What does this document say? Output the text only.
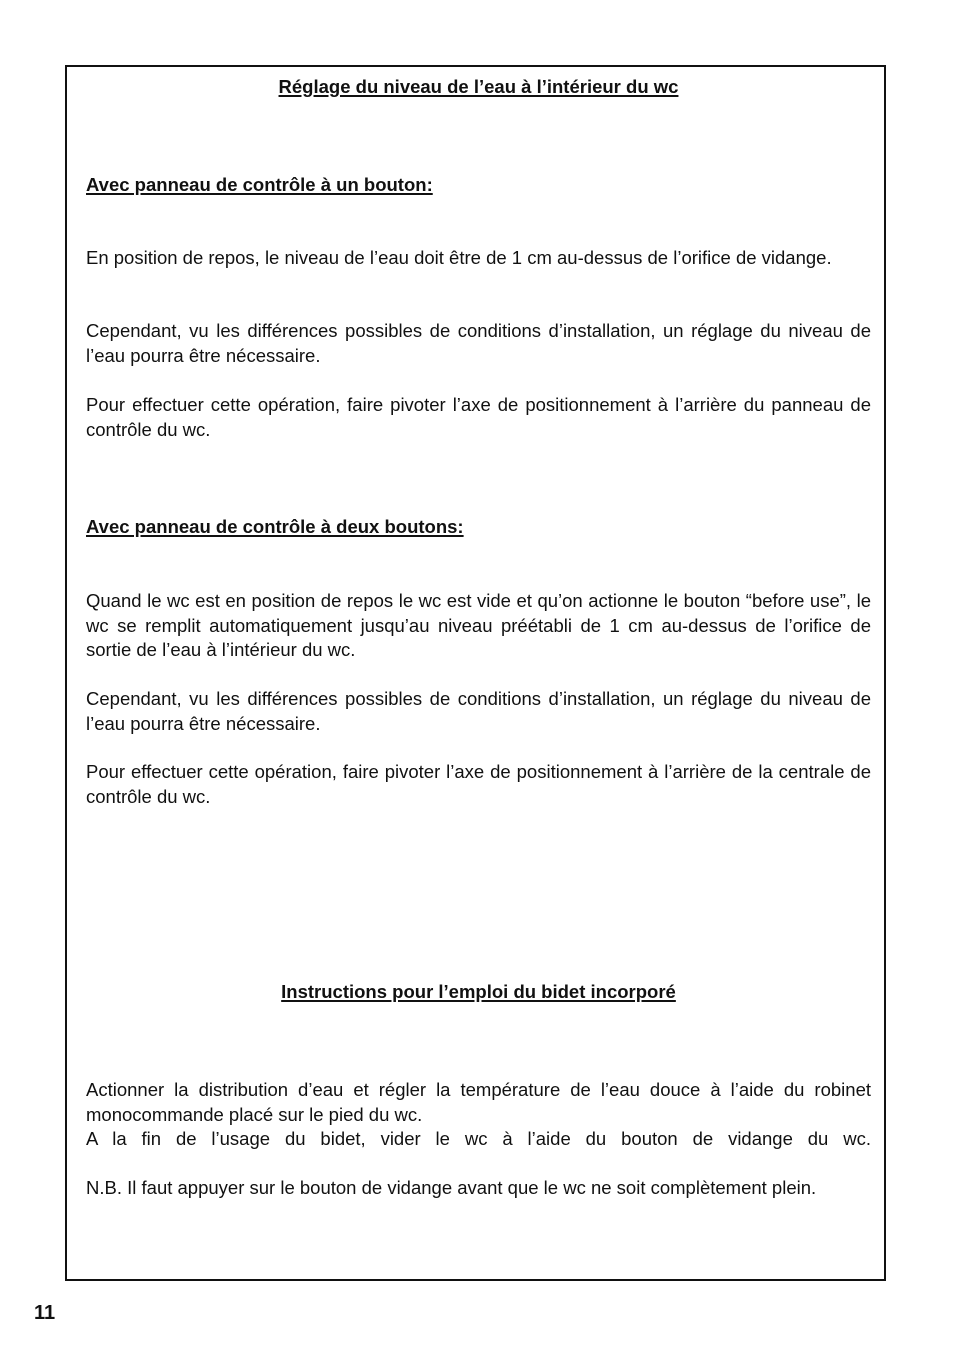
Réglage du niveau de l’eau à l’intérieur du wc

Avec panneau de contrôle à un bouton:

En position de repos, le niveau de l’eau doit être de 1 cm au-dessus de l’orifice de vidange.

Cependant, vu les différences possibles de conditions d’installation, un réglage du niveau de l’eau pourra être nécessaire.

Pour effectuer cette opération, faire pivoter l’axe de positionnement à l’arrière du panneau de contrôle du wc.

Avec panneau de contrôle à deux boutons:

Quand le wc est en position de repos le wc est vide et qu’on actionne le bouton “before use”, le wc se remplit automatiquement jusqu’au niveau préétabli de 1 cm au-dessus de l’orifice de sortie de l’eau à l’intérieur du wc.

Cependant, vu les différences possibles de conditions d’installation, un réglage du niveau de l’eau pourra être nécessaire.

Pour effectuer cette opération, faire pivoter l’axe de positionnement à l’arrière de la centrale de contrôle du wc.

Instructions pour l’emploi du bidet incorporé

Actionner la distribution d’eau et régler la température de l’eau douce à l’aide du robinet monocommande placé sur le pied du wc.

A la fin de l’usage du bidet, vider le wc à l’aide du bouton de vidange du wc.

N.B. Il faut appuyer sur le bouton de vidange avant que le wc ne soit complètement plein.

11
